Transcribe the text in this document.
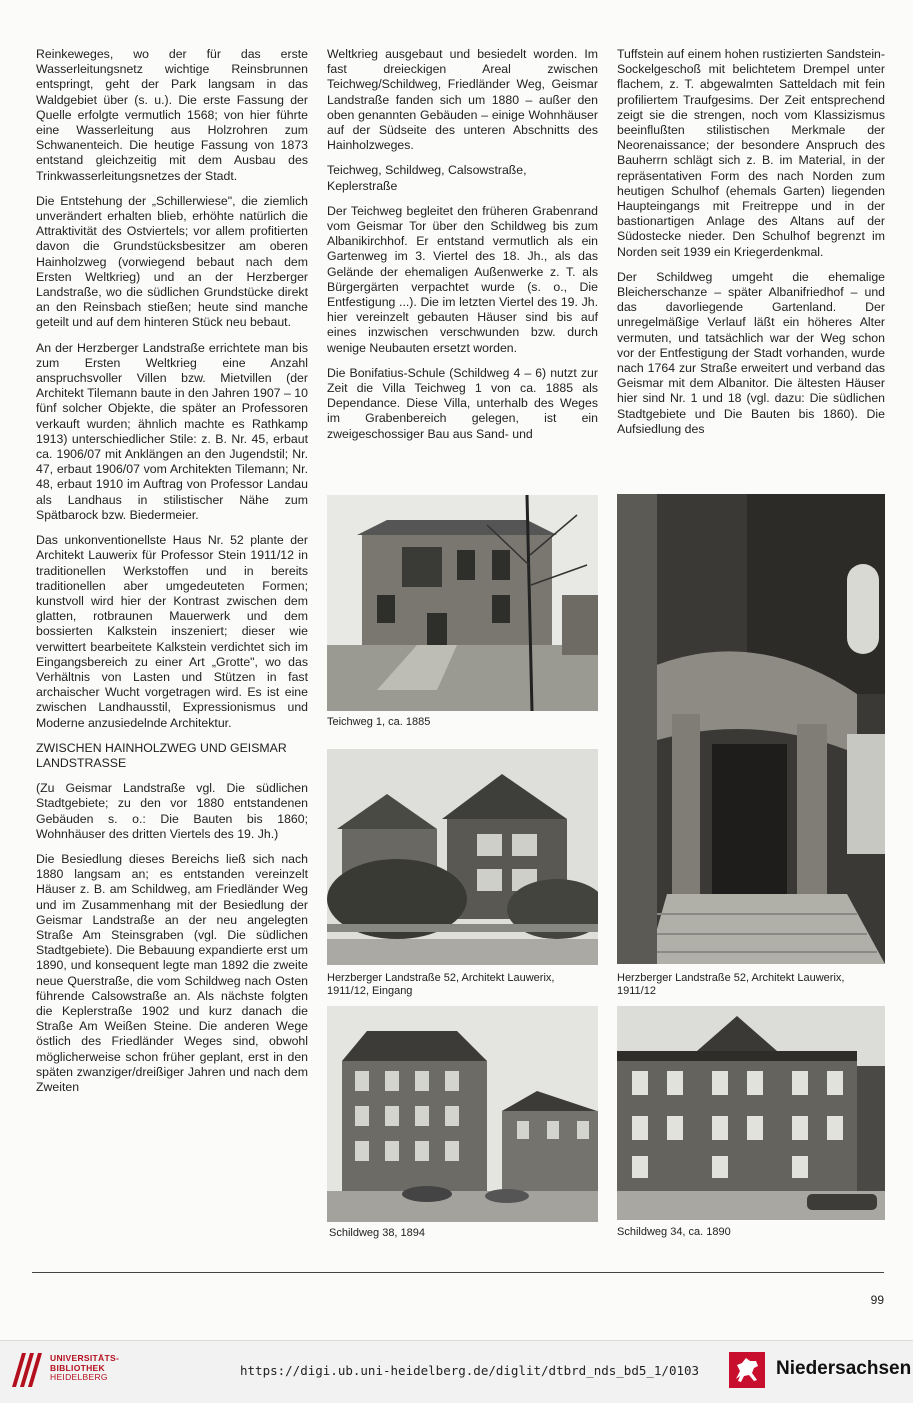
Reinkeweges, wo der für das erste Wasserleitungsnetz wichtige Reinsbrunnen entspringt, geht der Park langsam in das Waldgebiet über (s. u.). Die erste Fassung der Quelle erfolgte vermutlich 1568; von hier führte eine Wasserleitung aus Holzrohren zum Schwanenteich. Die heutige Fassung von 1873 entstand gleichzeitig mit dem Ausbau des Trinkwasserleitungsnetzes der Stadt.

Die Entstehung der „Schillerwiese", die ziemlich unverändert erhalten blieb, erhöhte natürlich die Attraktivität des Ostviertels; vor allem profitierten davon die Grundstücksbesitzer am oberen Hainholzweg (vorwiegend bebaut nach dem Ersten Weltkrieg) und an der Herzberger Landstraße, wo die südlichen Grundstücke direkt an den Reinsbach stießen; heute sind manche geteilt und auf dem hinteren Stück neu bebaut.

An der Herzberger Landstraße errichtete man bis zum Ersten Weltkrieg eine Anzahl anspruchsvoller Villen bzw. Mietvillen (der Architekt Tilemann baute in den Jahren 1907 – 10 fünf solcher Objekte, die später an Professoren verkauft wurden; ähnlich machte es Rathkamp 1913) unterschiedlicher Stile: z. B. Nr. 45, erbaut ca. 1906/07 mit Anklängen an den Jugendstil; Nr. 47, erbaut 1906/07 vom Architekten Tilemann; Nr. 48, erbaut 1910 im Auftrag von Professor Landau als Landhaus in stilistischer Nähe zum Spätbarock bzw. Biedermeier.

Das unkonventionellste Haus Nr. 52 plante der Architekt Lauwerix für Professor Stein 1911/12 in traditionellen Werkstoffen und in bereits traditionellen aber umgedeuteten Formen; kunstvoll wird hier der Kontrast zwischen dem glatten, rotbraunen Mauerwerk und dem bossierten Kalkstein inszeniert; dieser wie verwittert bearbeitete Kalkstein verdichtet sich im Eingangsbereich zu einer Art „Grotte", wo das Verhältnis von Lasten und Stützen in fast archaischer Wucht vorgetragen wird. Es ist eine zwischen Landhausstil, Expressionismus und Moderne anzusiedelnde Architektur.

ZWISCHEN HAINHOLZWEG UND GEISMAR LANDSTRASSE

(Zu Geismar Landstraße vgl. Die südlichen Stadtgebiete; zu den vor 1880 entstandenen Gebäuden s. o.: Die Bauten bis 1860; Wohnhäuser des dritten Viertels des 19. Jh.)

Die Besiedlung dieses Bereichs ließ sich nach 1880 langsam an; es entstanden vereinzelt Häuser z. B. am Schildweg, am Friedländer Weg und im Zusammenhang mit der Besiedlung der Geismar Landstraße an der neu angelegten Straße Am Steinsgraben (vgl. Die südlichen Stadtgebiete). Die Bebauung expandierte erst um 1890, und konsequent legte man 1892 die zweite neue Querstraße, die vom Schildweg nach Osten führende Calsowstraße an. Als nächste folgten die Keplerstraße 1902 und kurz danach die Straße Am Weißen Steine. Die anderen Wege östlich des Friedländer Weges sind, obwohl möglicherweise schon früher geplant, erst in den späten zwanziger/dreißiger Jahren und nach dem Zweiten

Weltkrieg ausgebaut und besiedelt worden. Im fast dreieckigen Areal zwischen Teichweg/Schildweg, Friedländer Weg, Geismar Landstraße fanden sich um 1880 – außer den oben genannten Gebäuden – einige Wohnhäuser auf der Südseite des unteren Abschnitts des Hainholzweges.

Teichweg, Schildweg, Calsowstraße, Keplerstraße

Der Teichweg begleitet den früheren Grabenrand vom Geismar Tor über den Schildweg bis zum Albanikirchhof. Er entstand vermutlich als ein Gartenweg im 3. Viertel des 18. Jh., als das Gelände der ehemaligen Außenwerke z. T. als Bürgergärten verpachtet wurde (s. o., Die Entfestigung ...). Die im letzten Viertel des 19. Jh. hier vereinzelt gebauten Häuser sind bis auf eines inzwischen verschwunden bzw. durch wenige Neubauten ersetzt worden.

Die Bonifatius-Schule (Schildweg 4 – 6) nutzt zur Zeit die Villa Teichweg 1 von ca. 1885 als Dependance. Diese Villa, unterhalb des Weges im Grabenbereich gelegen, ist ein zweigeschossiger Bau aus Sand- und

Tuffstein auf einem hohen rustizierten Sandstein-Sockelgeschoß mit belichtetem Drempel unter flachem, z. T. abgewalmten Satteldach mit fein profiliertem Traufgesims. Der Zeit entsprechend zeigt sie die strengen, noch vom Klassizismus beeinflußten stilistischen Merkmale der Neorenaissance; der besondere Anspruch des Bauherrn schlägt sich z. B. im Material, in der repräsentativen Form des nach Norden zum heutigen Schulhof (ehemals Garten) liegenden Haupteingangs mit Freitreppe und in der bastionartigen Anlage des Altans auf der Südostecke nieder. Den Schulhof begrenzt im Norden seit 1939 ein Kriegerdenkmal.

Der Schildweg umgeht die ehemalige Bleicherschanze – später Albanifriedhof – und das davorliegende Gartenland. Der unregelmäßige Verlauf läßt ein höheres Alter vermuten, und tatsächlich war der Weg schon vor der Entfestigung der Stadt vorhanden, wurde nach 1764 zur Straße erweitert und verband das Geismar mit dem Albanitor. Die ältesten Häuser hier sind Nr. 1 und 18 (vgl. dazu: Die südlichen Stadtgebiete und Die Bauten bis 1860). Die Aufsiedlung des

Teichweg 1, ca. 1885
Herzberger Landstraße 52, Architekt Lauwerix, 1911/12, Eingang
Herzberger Landstraße 52, Architekt Lauwerix, 1911/12
Schildweg 38, 1894	Schildweg 34, ca. 1890
99
UNIVERSITÄTS-
BIBLIOTHEK
HEIDELBERG	https://digi.ub.uni-heidelberg.de/diglit/dtbrd_nds_bd5_1/0103	Niedersachsen
